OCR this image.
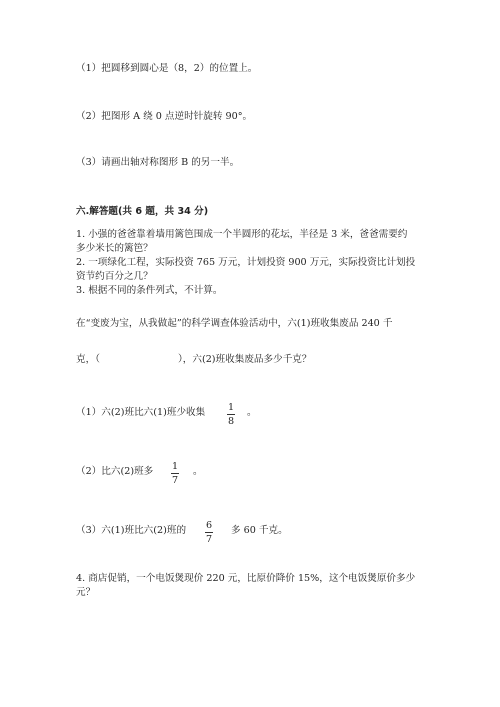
（1）把圆移到圆心是（8，2）的位置上。
（2）把图形 A 绕 0 点逆时针旋转 90°。
（3）请画出轴对称图形 B 的另一半。
六.解答题(共 6 题，共 34 分)
1. 小强的爸爸靠着墙用篱笆围成一个半圆形的花坛，半径是 3 米，爸爸需要约
多少米长的篱笆？
2. 一项绿化工程，实际投资 765 万元，计划投资 900 万元，实际投资比计划投
资节约百分之几？
3. 根据不同的条件列式，不计算。
在“变废为宝，从我做起”的科学调查体验活动中，六(1)班收集废品 240 千
克，（	），六(2)班收集废品多少千克？
（1）六(2)班比六(1)班少收集 1
8
。
（2）比六(2)班多 1
7
。
（3）六(1)班比六(2)班的 6
7
多 60 千克。
4. 商店促销，一个电饭煲现价 220 元，比原价降价 15%，这个电饭煲原价多少
元？
